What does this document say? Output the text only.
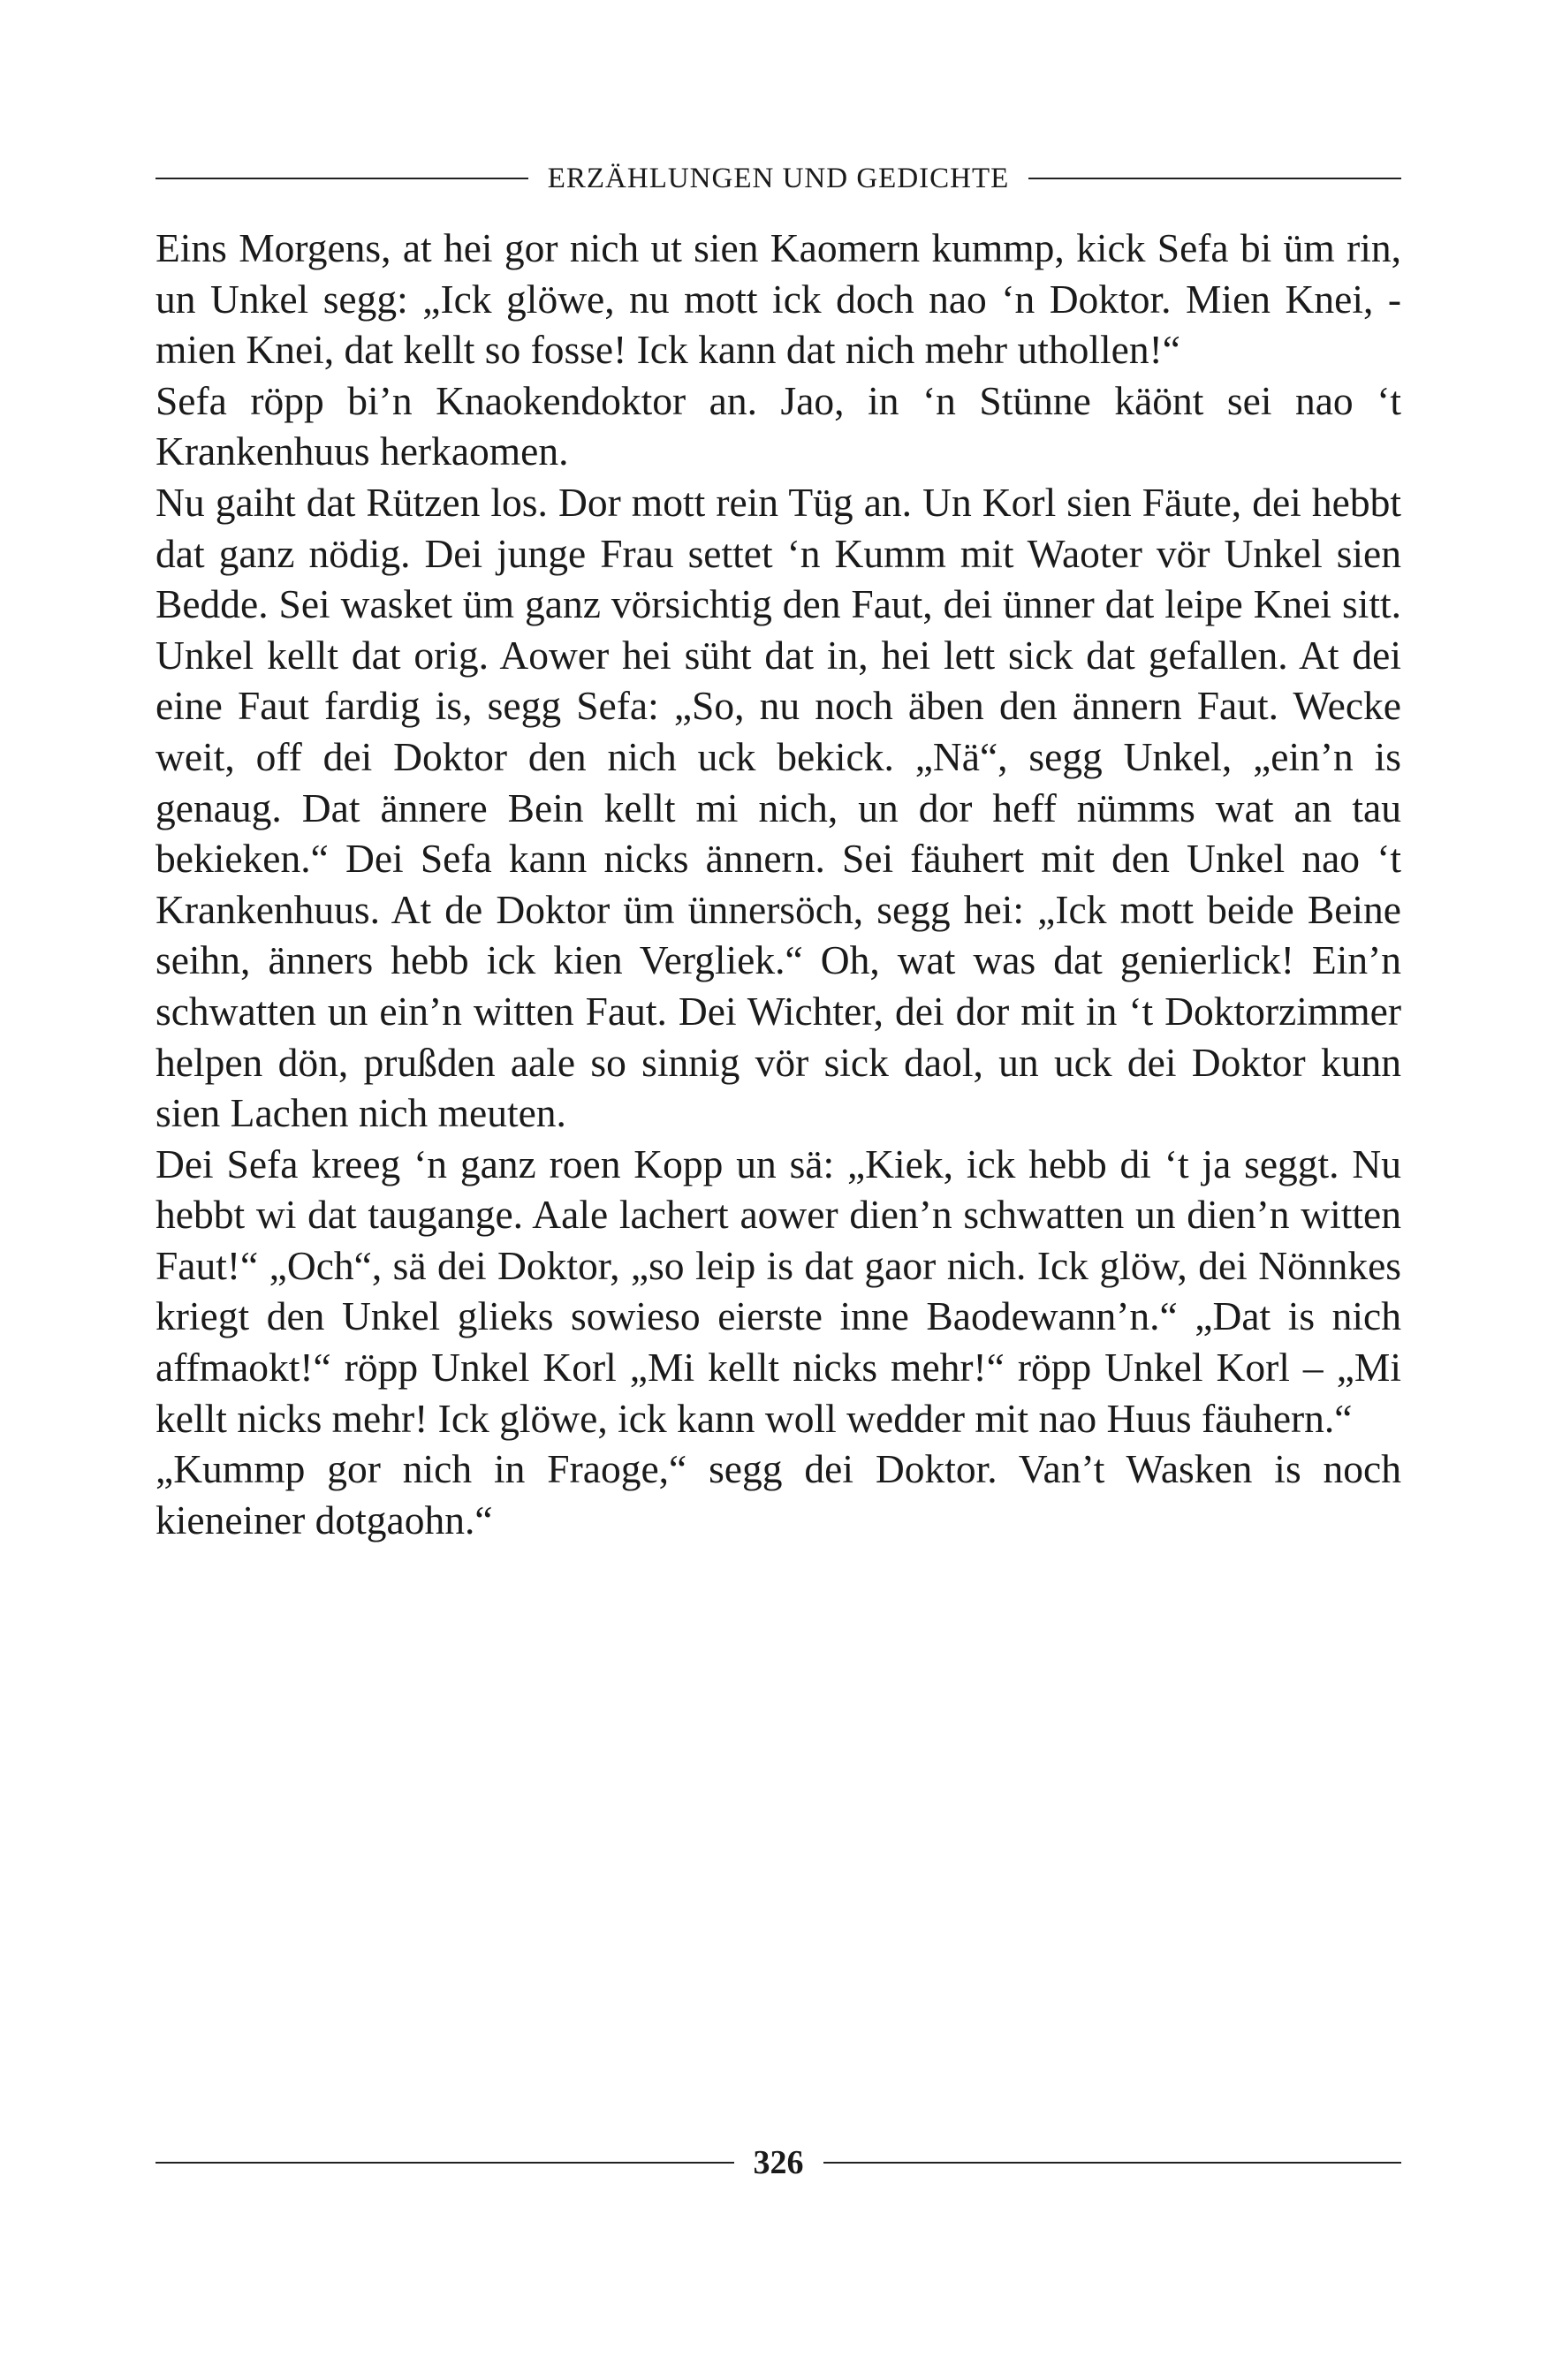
ERZÄHLUNGEN UND GEDICHTE

Eins Morgens, at hei gor nich ut sien Kaomern kummp, kick Sefa bi üm rin, un Unkel segg: „Ick glöwe, nu mott ick doch nao ‘n Doktor. Mien Knei, - mien Knei, dat kellt so fosse! Ick kann dat nich mehr uthollen!“

Sefa röpp bi’n Knaokendoktor an. Jao, in ‘n Stünne käönt sei nao ‘t Krankenhuus herkaomen.

Nu gaiht dat Rützen los. Dor mott rein Tüg an. Un Korl sien Fäute, dei hebbt dat ganz nödig. Dei junge Frau settet ‘n Kumm mit Waoter vör Unkel sien Bedde. Sei wasket üm ganz vörsichtig den Faut, dei ünner dat leipe Knei sitt. Unkel kellt dat orig. Aower hei süht dat in, hei lett sick dat gefallen. At dei eine Faut fardig is, segg Sefa: „So, nu noch äben den ännern Faut. Wecke weit, off dei Doktor den nich uck bekick. „Nä“, segg Unkel, „ein’n is genaug. Dat ännere Bein kellt mi nich, un dor heff nümms wat an tau bekieken.“ Dei Sefa kann nicks ännern. Sei fäuhert mit den Unkel nao ‘t Krankenhuus. At de Doktor üm ünnersöch, segg hei: „Ick mott beide Beine seihn, änners hebb ick kien Vergliek.“ Oh, wat was dat genierlick! Ein’n schwatten un ein’n witten Faut. Dei Wichter, dei dor mit in ‘t Doktorzimmer helpen dön, prußden aale so sinnig vör sick daol, un uck dei Doktor kunn sien Lachen nich meuten.

Dei Sefa kreeg ‘n ganz roen Kopp un sä: „Kiek, ick hebb di ‘t ja seggt. Nu hebbt wi dat taugange. Aale lachert aower dien’n schwatten un dien’n witten Faut!“ „Och“, sä dei Doktor, „so leip is dat gaor nich. Ick glöw, dei Nönnkes kriegt den Unkel glieks sowieso eierste inne Baodewann’n.“ „Dat is nich affmaokt!“ röpp Unkel Korl „Mi kellt nicks mehr!“ röpp Unkel Korl – „Mi kellt nicks mehr! Ick glöwe, ick kann woll wedder mit nao Huus fäuhern.“

„Kummp gor nich in Fraoge,“ segg dei Doktor. Van’t Wasken is noch kieneiner dotgaohn.“

326
